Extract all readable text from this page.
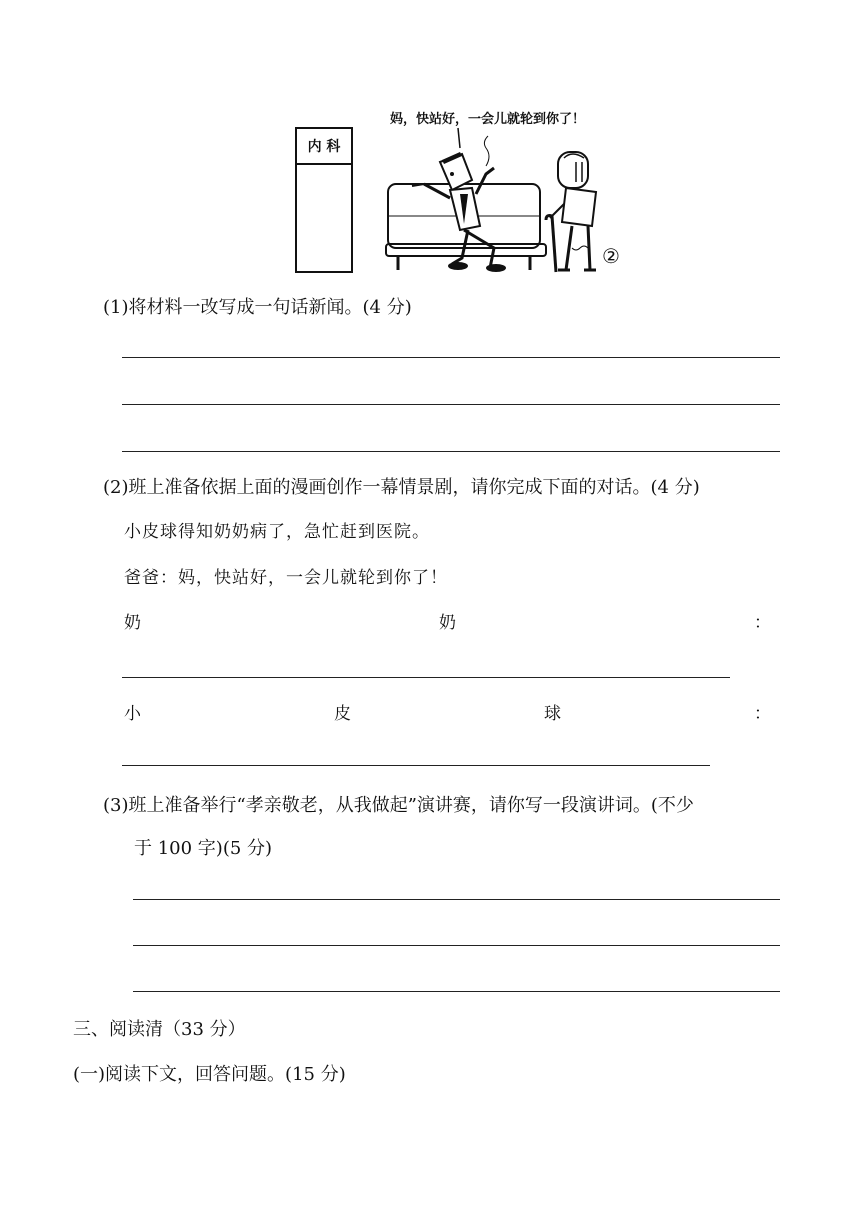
内 科
妈，快站好，一会儿就轮到你了！
②
(1)将材料一改写成一句话新闻。(4 分)
(2)班上准备依据上面的漫画创作一幕情景剧，请你完成下面的对话。(4 分)
小皮球得知奶奶病了，急忙赶到医院。
爸爸：妈，快站好，一会儿就轮到你了！
奶	奶	：
小	皮	球	：
(3)班上准备举行“孝亲敬老，从我做起”演讲赛，请你写一段演讲词。(不少
于 100 字)(5 分)
三、阅读清（33 分）
(一)阅读下文，回答问题。(15 分)
